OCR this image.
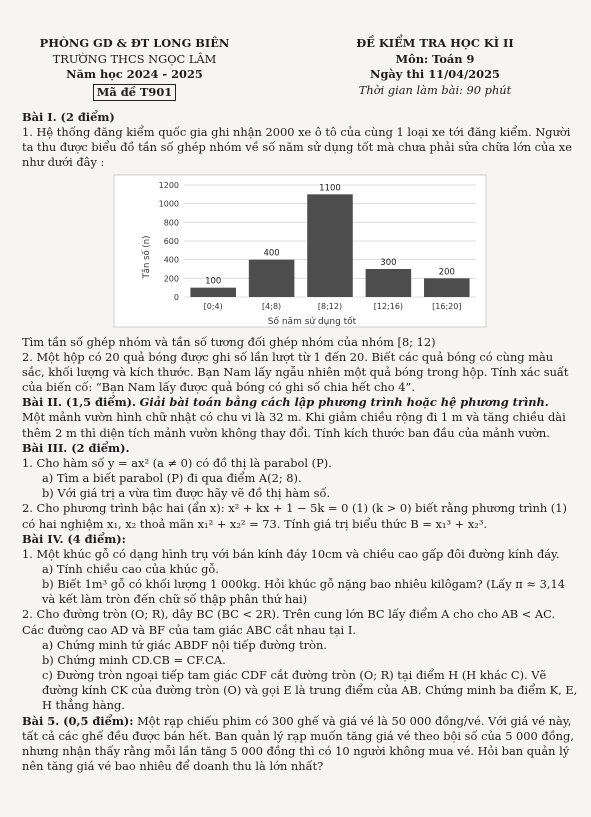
PHÒNG GD & ĐT LONG BIÊN
TRƯỜNG THCS NGỌC LÂM
Năm học 2024 - 2025
Mã đề T901
ĐỀ KIỂM TRA HỌC KÌ II
Môn: Toán 9
Ngày thi 11/04/2025
Thời gian làm bài: 90 phút

Bài I. (2 điểm)

1. Hệ thống đăng kiểm quốc gia ghi nhận 2000 xe ô tô của cùng 1 loại xe tới đăng kiểm. Người ta thu được biểu đồ tần số ghép nhóm về số năm sử dụng tốt mà chưa phải sửa chữa lớn của xe như dưới đây :

0
200
400
600
800
1000
1200
100
[0;4)
400
[4;8)
1100
[8;12)
300
[12;16)
200
[16;20]
Tần số (n)
Số năm sử dụng tốt

Tìm tần số ghép nhóm và tần số tương đối ghép nhóm của nhóm [8; 12)

2. Một hộp có 20 quả bóng được ghi số lần lượt từ 1 đến 20. Biết các quả bóng có cùng màu sắc, khối lượng và kích thước. Bạn Nam lấy ngẫu nhiên một quả bóng trong hộp. Tính xác suất của biến cố: “Bạn Nam lấy được quả bóng có ghi số chia hết cho 4”.

Bài II. (1,5 điểm). Giải bài toán bằng cách lập phương trình hoặc hệ phương trình.

Một mảnh vườn hình chữ nhật có chu vi là 32 m. Khi giảm chiều rộng đi 1 m và tăng chiều dài thêm 2 m thì diện tích mảnh vườn không thay đổi. Tính kích thước ban đầu của mảnh vườn.

Bài III. (2 điểm).

1. Cho hàm số y = ax² (a ≠ 0) có đồ thị là parabol (P).

a) Tìm a biết parabol (P) đi qua điểm A(2; 8).

b) Với giá trị a vừa tìm được hãy vẽ đồ thị hàm số.

2. Cho phương trình bậc hai (ẩn x): x² + kx + 1 − 5k = 0 (1) (k > 0) biết rằng phương trình (1) có hai nghiệm x₁, x₂ thoả mãn x₁² + x₂² = 73. Tính giá trị biểu thức B = x₁³ + x₂³.

Bài IV. (4 điểm):

1. Một khúc gỗ có dạng hình trụ với bán kính đáy 10cm và chiều cao gấp đôi đường kính đáy.

a) Tính chiều cao của khúc gỗ.

b) Biết 1m³ gỗ có khối lượng 1 000kg. Hỏi khúc gỗ nặng bao nhiêu kilôgam? (Lấy π ≈ 3,14 và kết làm tròn đến chữ số thập phân thứ hai)

2. Cho đường tròn (O; R), dây BC (BC < 2R). Trên cung lớn BC lấy điểm A cho cho AB < AC. Các đường cao AD và BF của tam giác ABC cắt nhau tại I.

a) Chứng minh tứ giác ABDF nội tiếp đường tròn.

b) Chứng minh CD.CB = CF.CA.

c) Đường tròn ngoại tiếp tam giác CDF cắt đường tròn (O; R) tại điểm H (H khác C). Vẽ đường kính CK của đường tròn (O) và gọi E là trung điểm của AB. Chứng minh ba điểm K, E, H thẳng hàng.

Bài 5. (0,5 điểm): Một rạp chiếu phim có 300 ghế và giá vé là 50 000 đồng/vé. Với giá vé này, tất cả các ghế đều được bán hết. Ban quản lý rạp muốn tăng giá vé theo bội số của 5 000 đồng, nhưng nhận thấy rằng mỗi lần tăng 5 000 đồng thì có 10 người không mua vé. Hỏi ban quản lý nên tăng giá vé bao nhiêu để doanh thu là lớn nhất?
